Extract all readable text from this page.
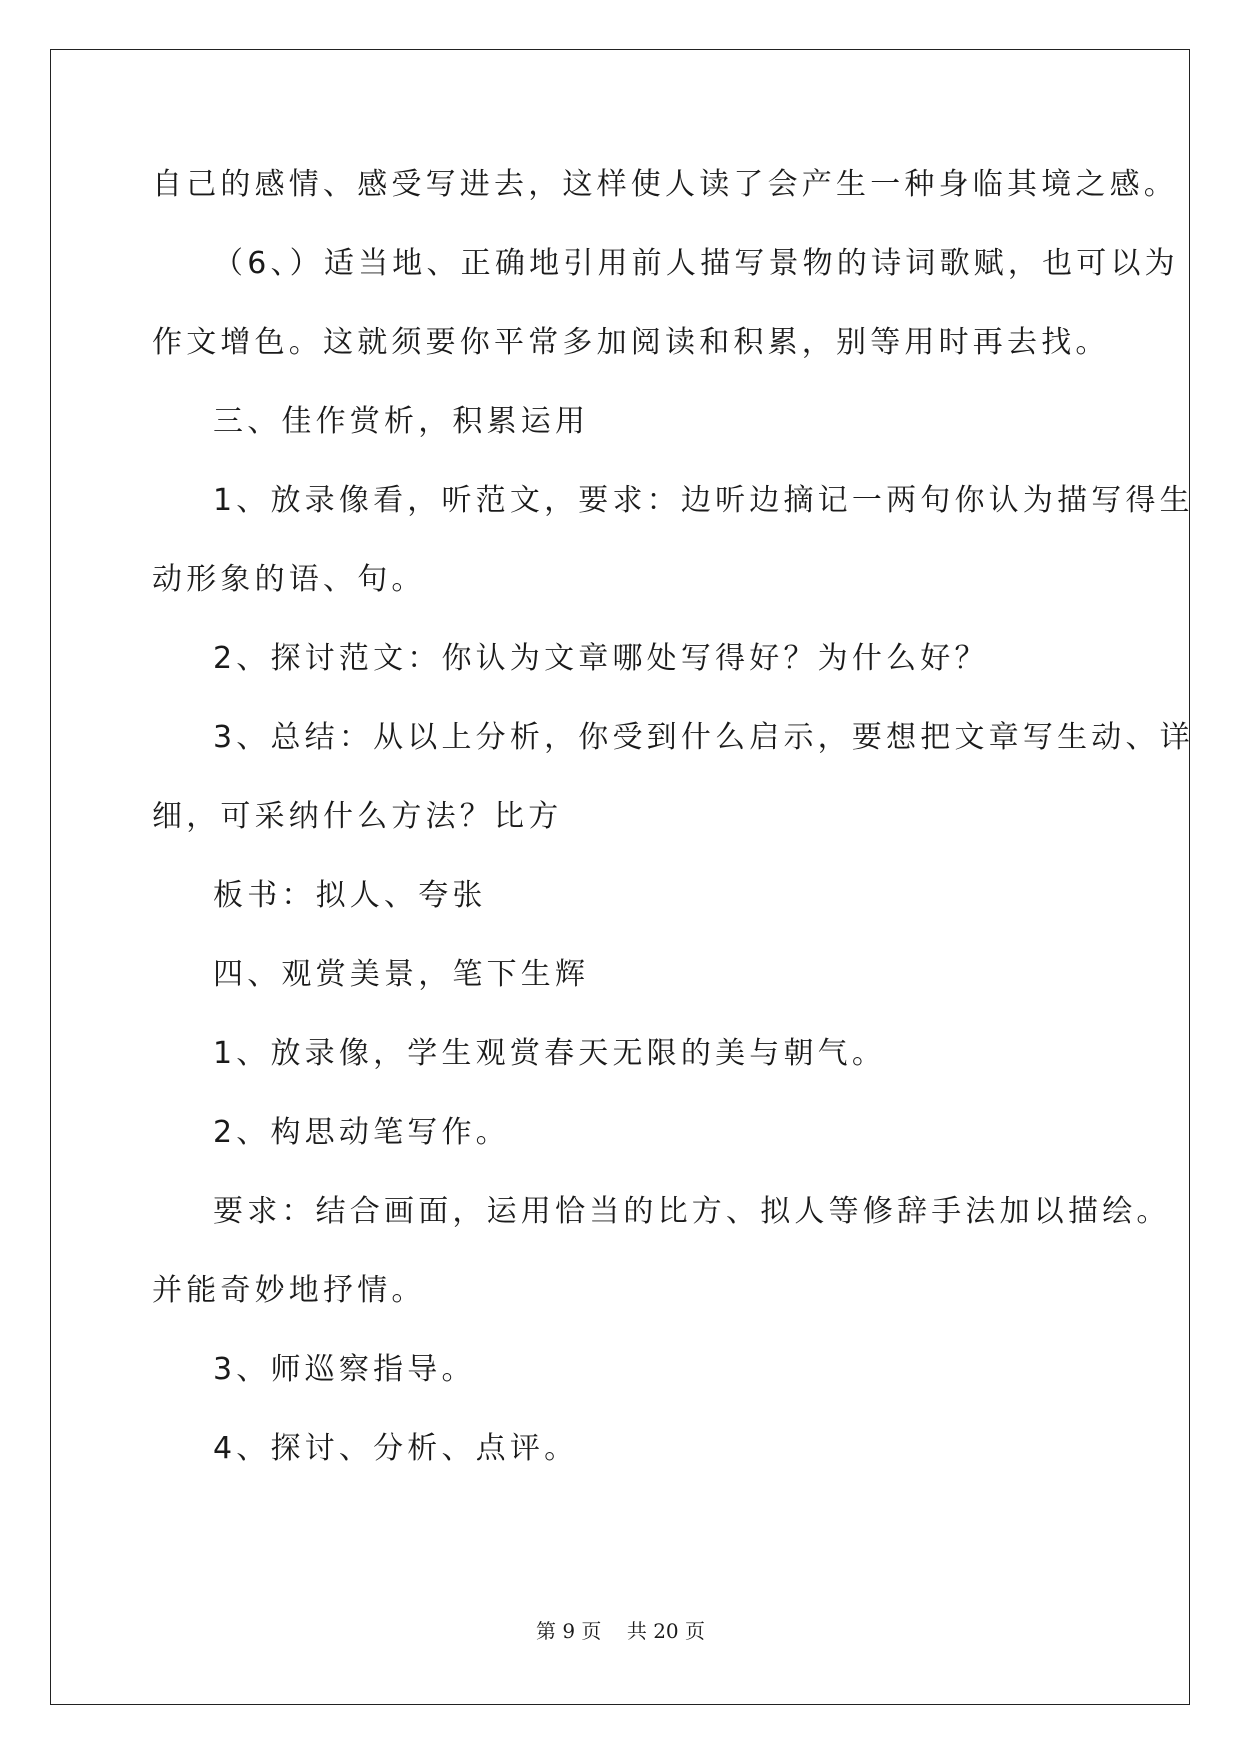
自己的感情、感受写进去，这样使人读了会产生一种身临其境之感。
（6、）适当地、正确地引用前人描写景物的诗词歌赋，也可以为
作文增色。这就须要你平常多加阅读和积累，别等用时再去找。
三、佳作赏析，积累运用
1、放录像看，听范文，要求：边听边摘记一两句你认为描写得生
动形象的语、句。
2、探讨范文：你认为文章哪处写得好？为什么好？
3、总结：从以上分析，你受到什么启示，要想把文章写生动、详
细，可采纳什么方法？比方
板书：拟人、夸张
四、观赏美景，笔下生辉
1、放录像，学生观赏春天无限的美与朝气。
2、构思动笔写作。
要求：结合画面，运用恰当的比方、拟人等修辞手法加以描绘。
并能奇妙地抒情。
3、师巡察指导。
4、探讨、分析、点评。
第 9 页    共 20 页
